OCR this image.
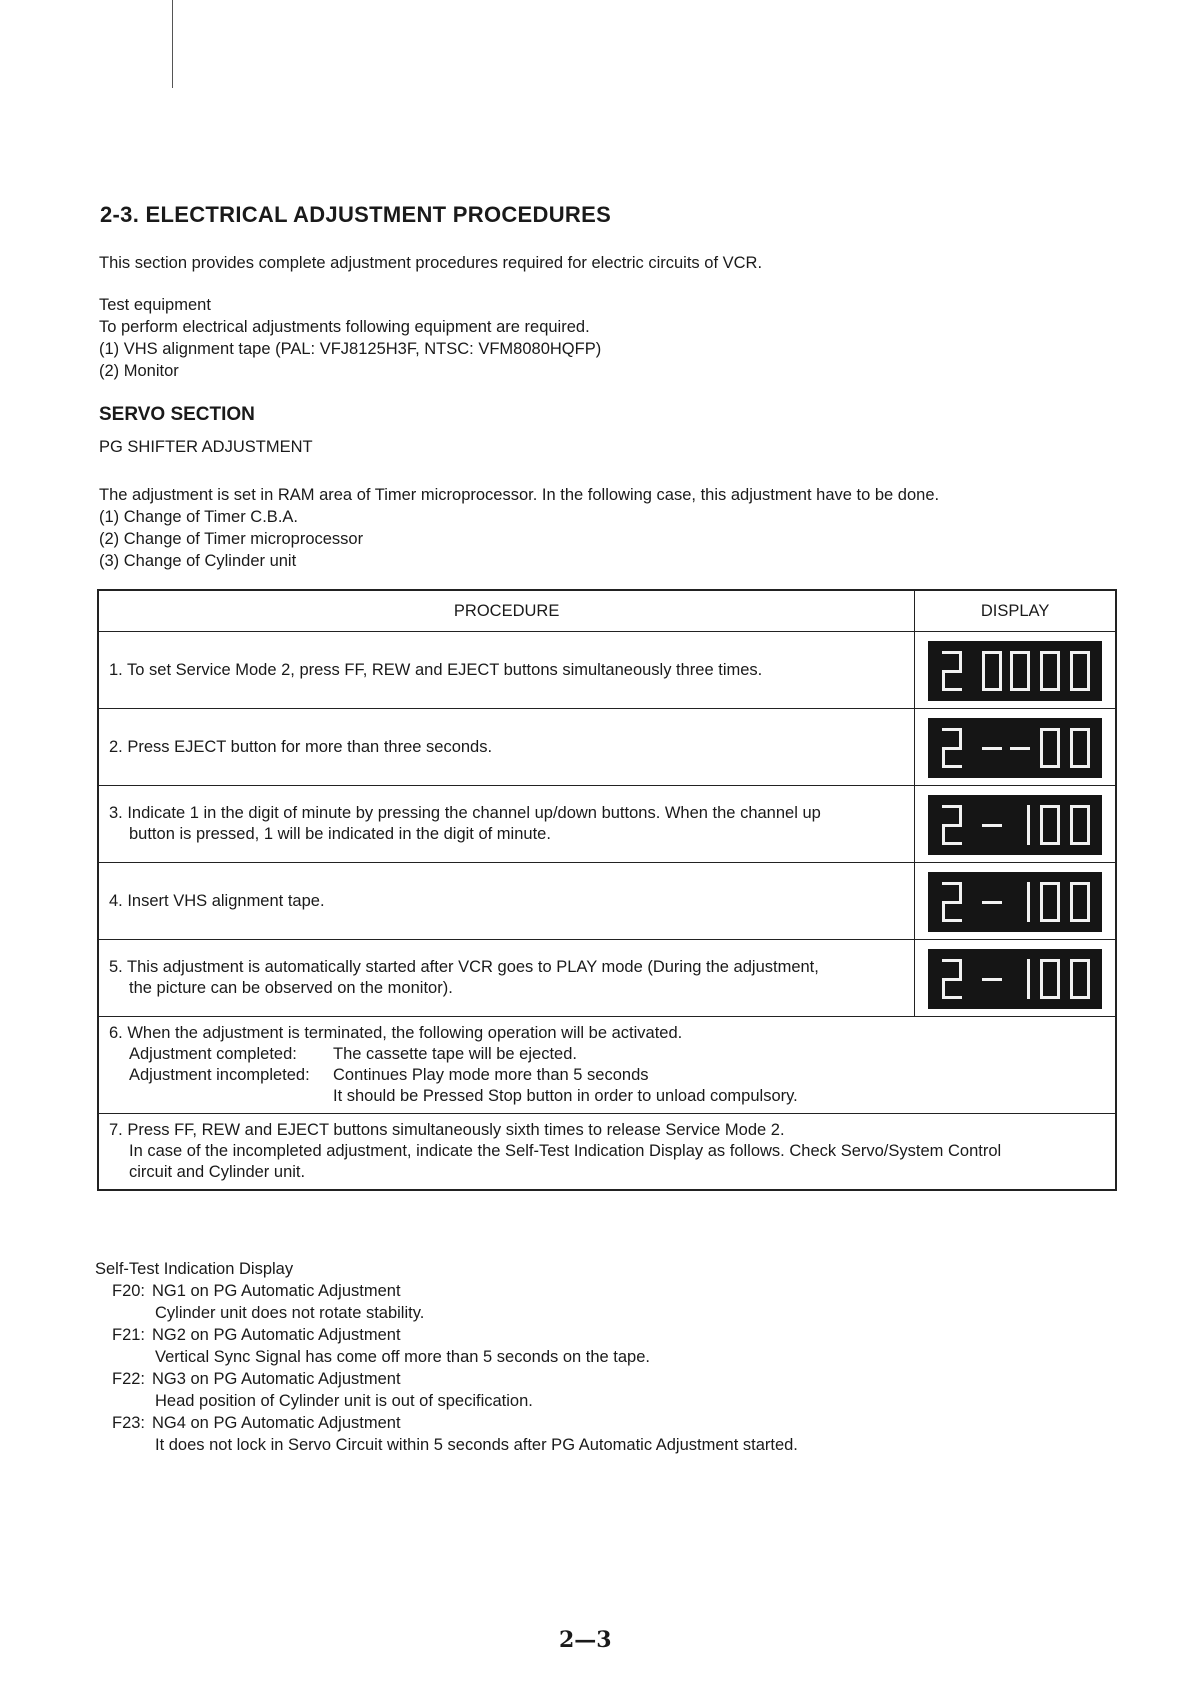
2-3. ELECTRICAL ADJUSTMENT PROCEDURES

This section provides complete adjustment procedures required for electric circuits of VCR.

Test equipment

To perform electrical adjustments following equipment are required.

(1) VHS alignment tape (PAL: VFJ8125H3F, NTSC: VFM8080HQFP)

(2) Monitor

SERVO SECTION

PG SHIFTER ADJUSTMENT

The adjustment is set in RAM area of Timer microprocessor. In the following case, this adjustment have to be done.

(1) Change of Timer C.B.A.

(2) Change of Timer microprocessor

(3) Change of Cylinder unit

PROCEDURE	DISPLAY

1. To set Service Mode 2, press FF, REW and EJECT buttons simultaneously three times.

2. Press EJECT button for more than three seconds.

3. Indicate 1 in the digit of minute by pressing the channel up/down buttons. When the channel up
button is pressed, 1 will be indicated in the digit of minute.

4. Insert VHS alignment tape.

5. This adjustment is automatically started after VCR goes to PLAY mode (During the adjustment,
the picture can be observed on the monitor).

6. When the adjustment is terminated, the following operation will be activated.
Adjustment completed: The cassette tape will be ejected.
Adjustment incompleted: Continues Play mode more than 5 seconds
It should be Pressed Stop button in order to unload compulsory.	

7. Press FF, REW and EJECT buttons simultaneously sixth times to release Service Mode 2.
In case of the incompleted adjustment, indicate the Self-Test Indication Display as follows. Check Servo/System Control
circuit and Cylinder unit.	

Self-Test Indication Display

F20: NG1 on PG Automatic Adjustment

Cylinder unit does not rotate stability.

F21: NG2 on PG Automatic Adjustment

Vertical Sync Signal has come off more than 5 seconds on the tape.

F22: NG3 on PG Automatic Adjustment

Head position of Cylinder unit is out of specification.

F23: NG4 on PG Automatic Adjustment

It does not lock in Servo Circuit within 5 seconds after PG Automatic Adjustment started.

2—3
